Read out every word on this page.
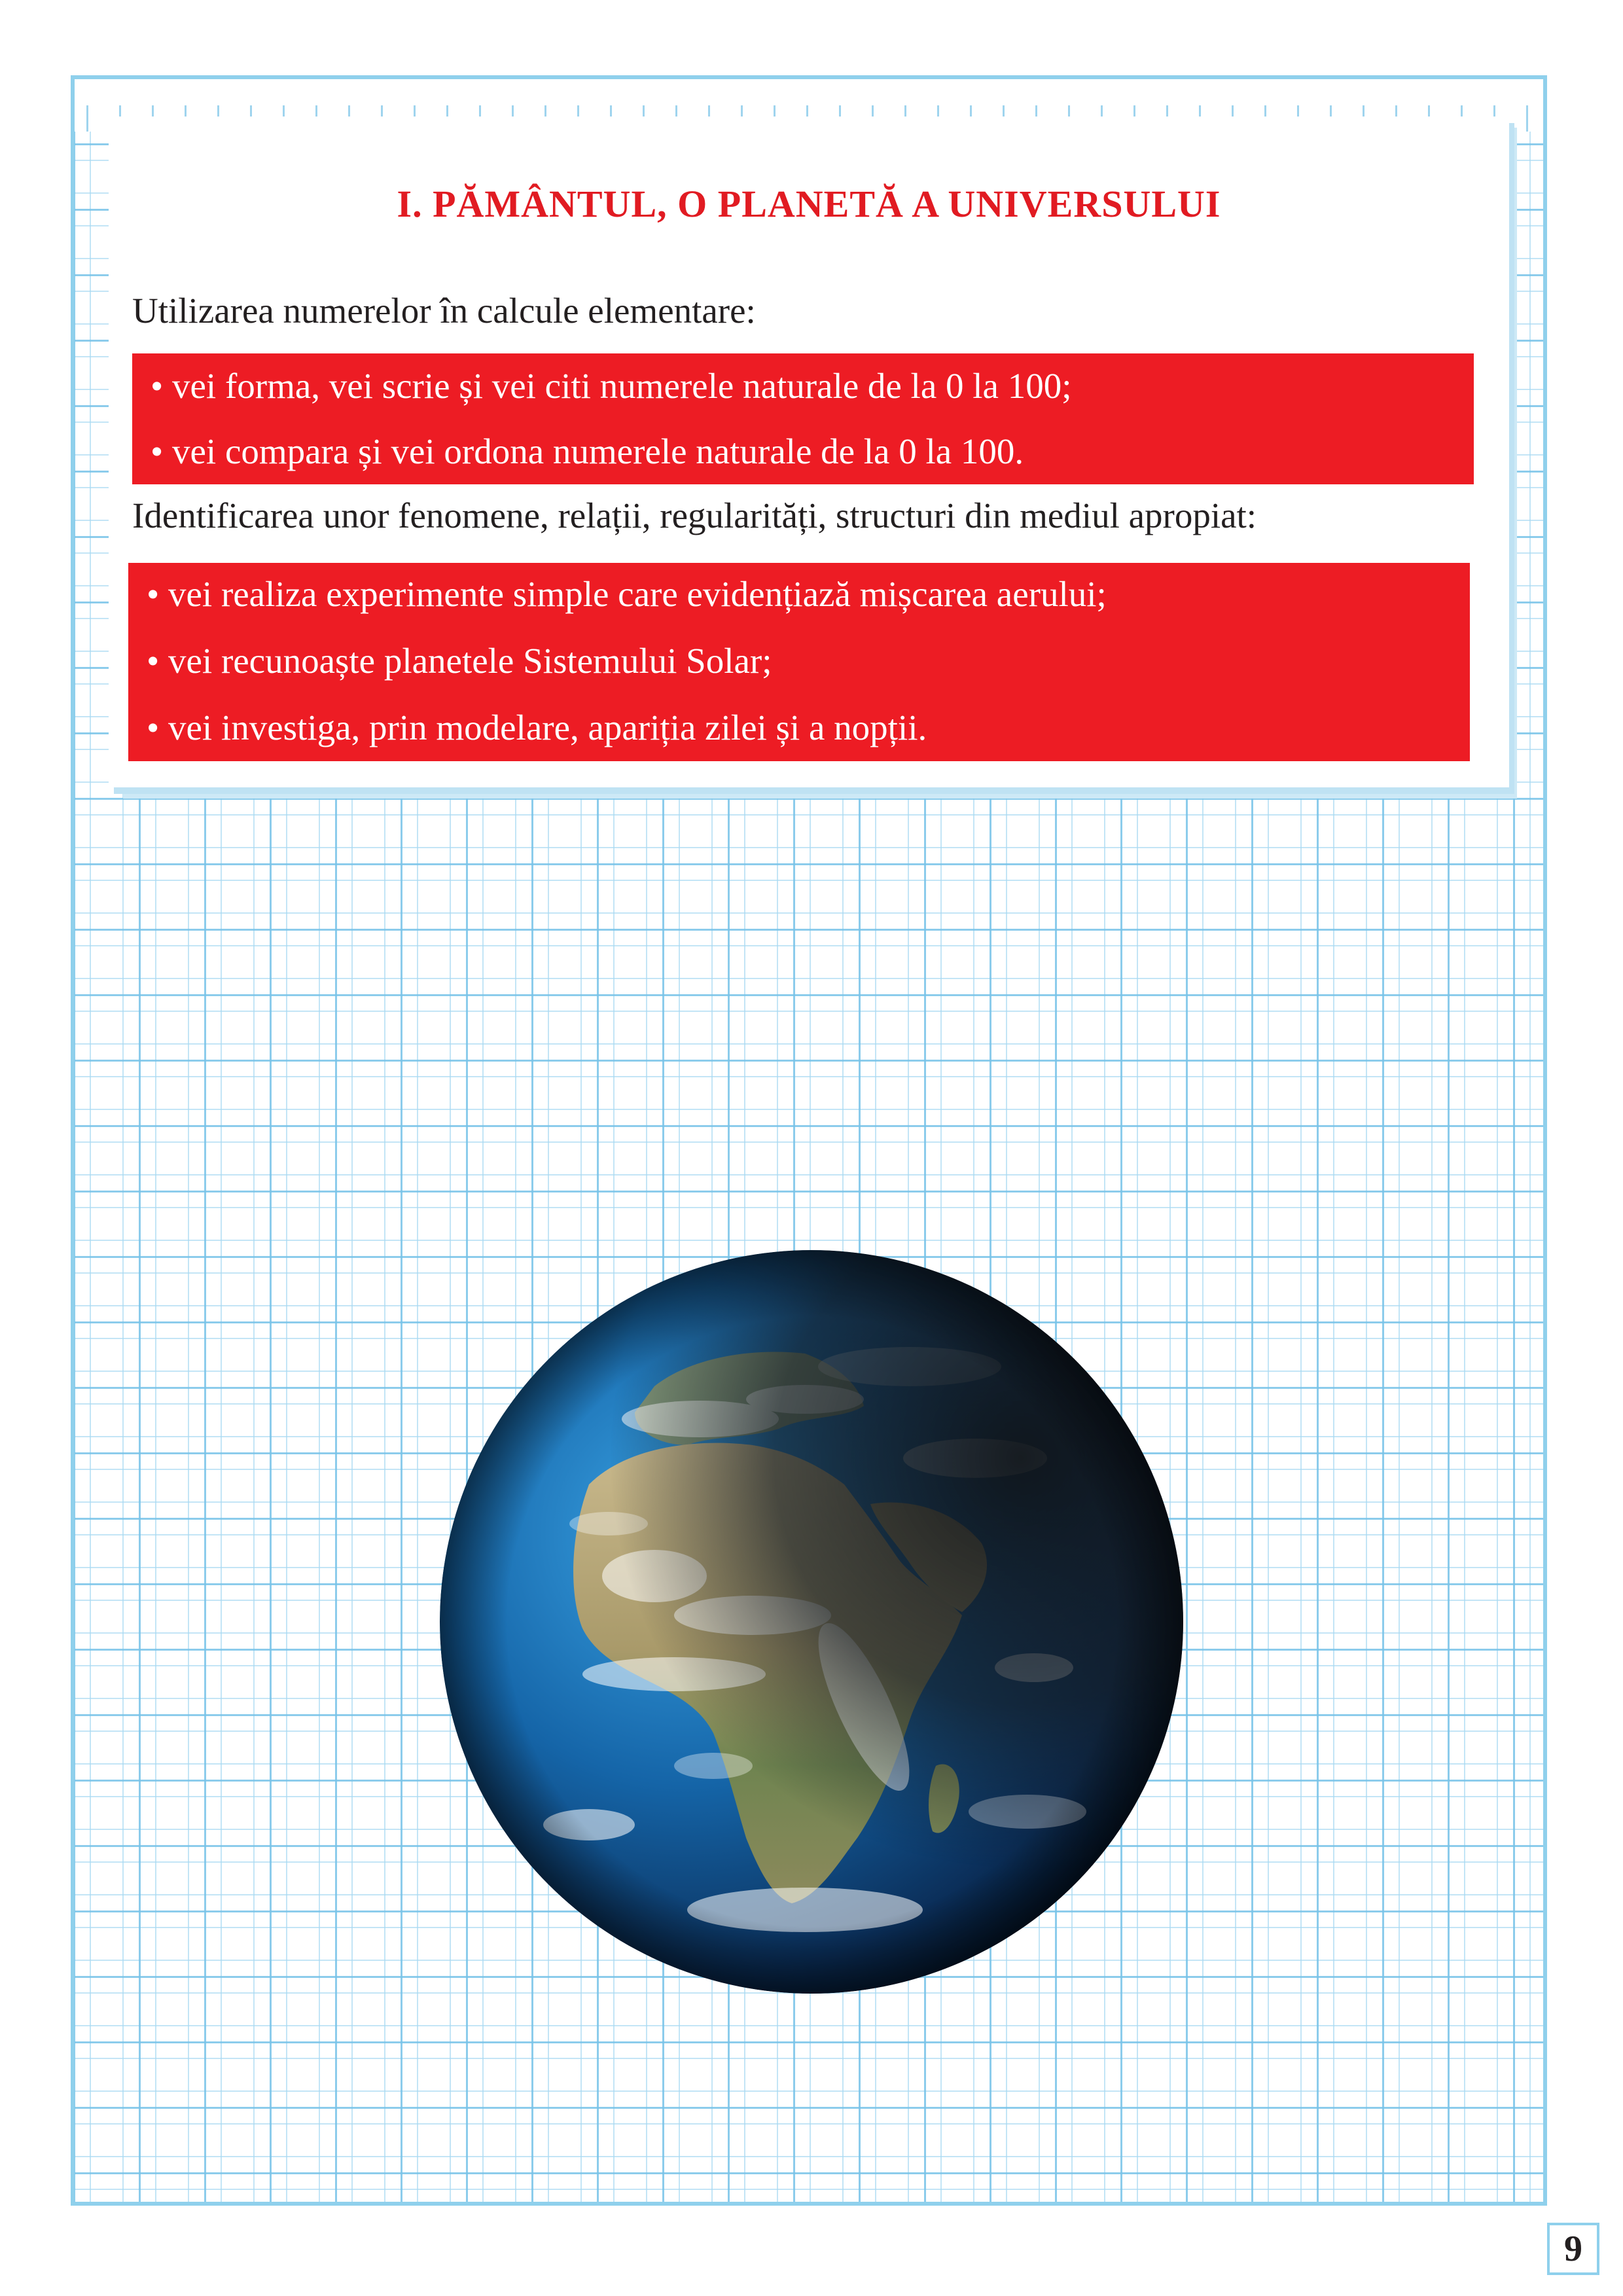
I. PĂMÂNTUL, O PLANETĂ A UNIVERSULUI
Utilizarea numerelor în calcule elementare:
• vei forma, vei scrie și vei citi numerele naturale de la 0 la 100;
• vei compara și vei ordona numerele naturale de la 0 la 100.
Identificarea unor fenomene, relații, regularități, structuri din mediul apropiat:
• vei realiza experimente simple care evidențiază mișcarea aerului;
• vei recunoaște planetele Sistemului Solar;
• vei investiga, prin modelare, apariția zilei și a nopții.
9
